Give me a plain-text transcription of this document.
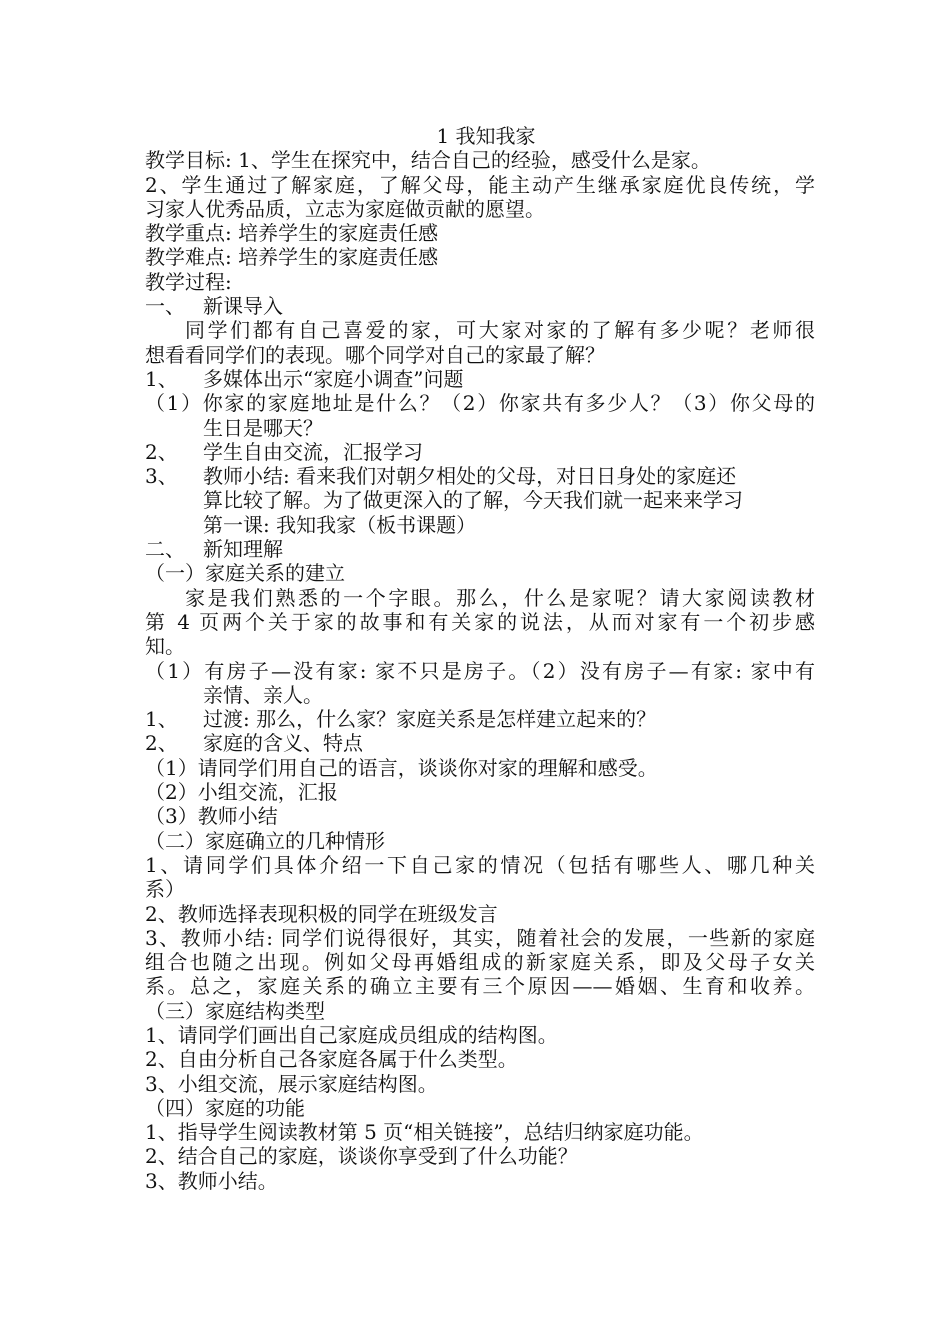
1 我知我家
教学目标: 1、学生在探究中，结合自己的经验，感受什么是家。
2、学生通过了解家庭，了解父母，能主动产生继承家庭优良传统，学
习家人优秀品质，立志为家庭做贡献的愿望。
教学重点: 培养学生的家庭责任感
教学难点: 培养学生的家庭责任感
教学过程:
一、 新课导入
同学们都有自己喜爱的家，可大家对家的了解有多少呢？老师很
想看看同学们的表现。哪个同学对自己的家最了解？
1、 多媒体出示“家庭小调查”问题
（1）你家的家庭地址是什么？（2）你家共有多少人？（3）你父母的
生日是哪天？
2、 学生自由交流，汇报学习
3、 教师小结: 看来我们对朝夕相处的父母，对日日身处的家庭还
算比较了解。为了做更深入的了解，今天我们就一起来来学习
第一课: 我知我家（板书课题）
二、 新知理解
（一）家庭关系的建立
家是我们熟悉的一个字眼。那么，什么是家呢？请大家阅读教材
第 4 页两个关于家的故事和有关家的说法，从而对家有一个初步感
知。
（1）有房子—没有家: 家不只是房子。（2）没有房子—有家: 家中有
亲情、亲人。
1、 过渡: 那么，什么家？家庭关系是怎样建立起来的？
2、 家庭的含义、特点
（1）请同学们用自己的语言，谈谈你对家的理解和感受。
（2）小组交流，汇报
（3）教师小结
（二）家庭确立的几种情形
1、请同学们具体介绍一下自己家的情况（包括有哪些人、哪几种关
系）
2、教师选择表现积极的同学在班级发言
3、教师小结: 同学们说得很好，其实，随着社会的发展，一些新的家庭
组合也随之出现。例如父母再婚组成的新家庭关系，即及父母子女关
系。总之，家庭关系的确立主要有三个原因——婚姻、生育和收养。
（三）家庭结构类型
1、请同学们画出自己家庭成员组成的结构图。
2、自由分析自己各家庭各属于什么类型。
3、小组交流，展示家庭结构图。
（四）家庭的功能
1、指导学生阅读教材第 5 页“相关链接”，总结归纳家庭功能。
2、结合自己的家庭，谈谈你享受到了什么功能？
3、教师小结。
